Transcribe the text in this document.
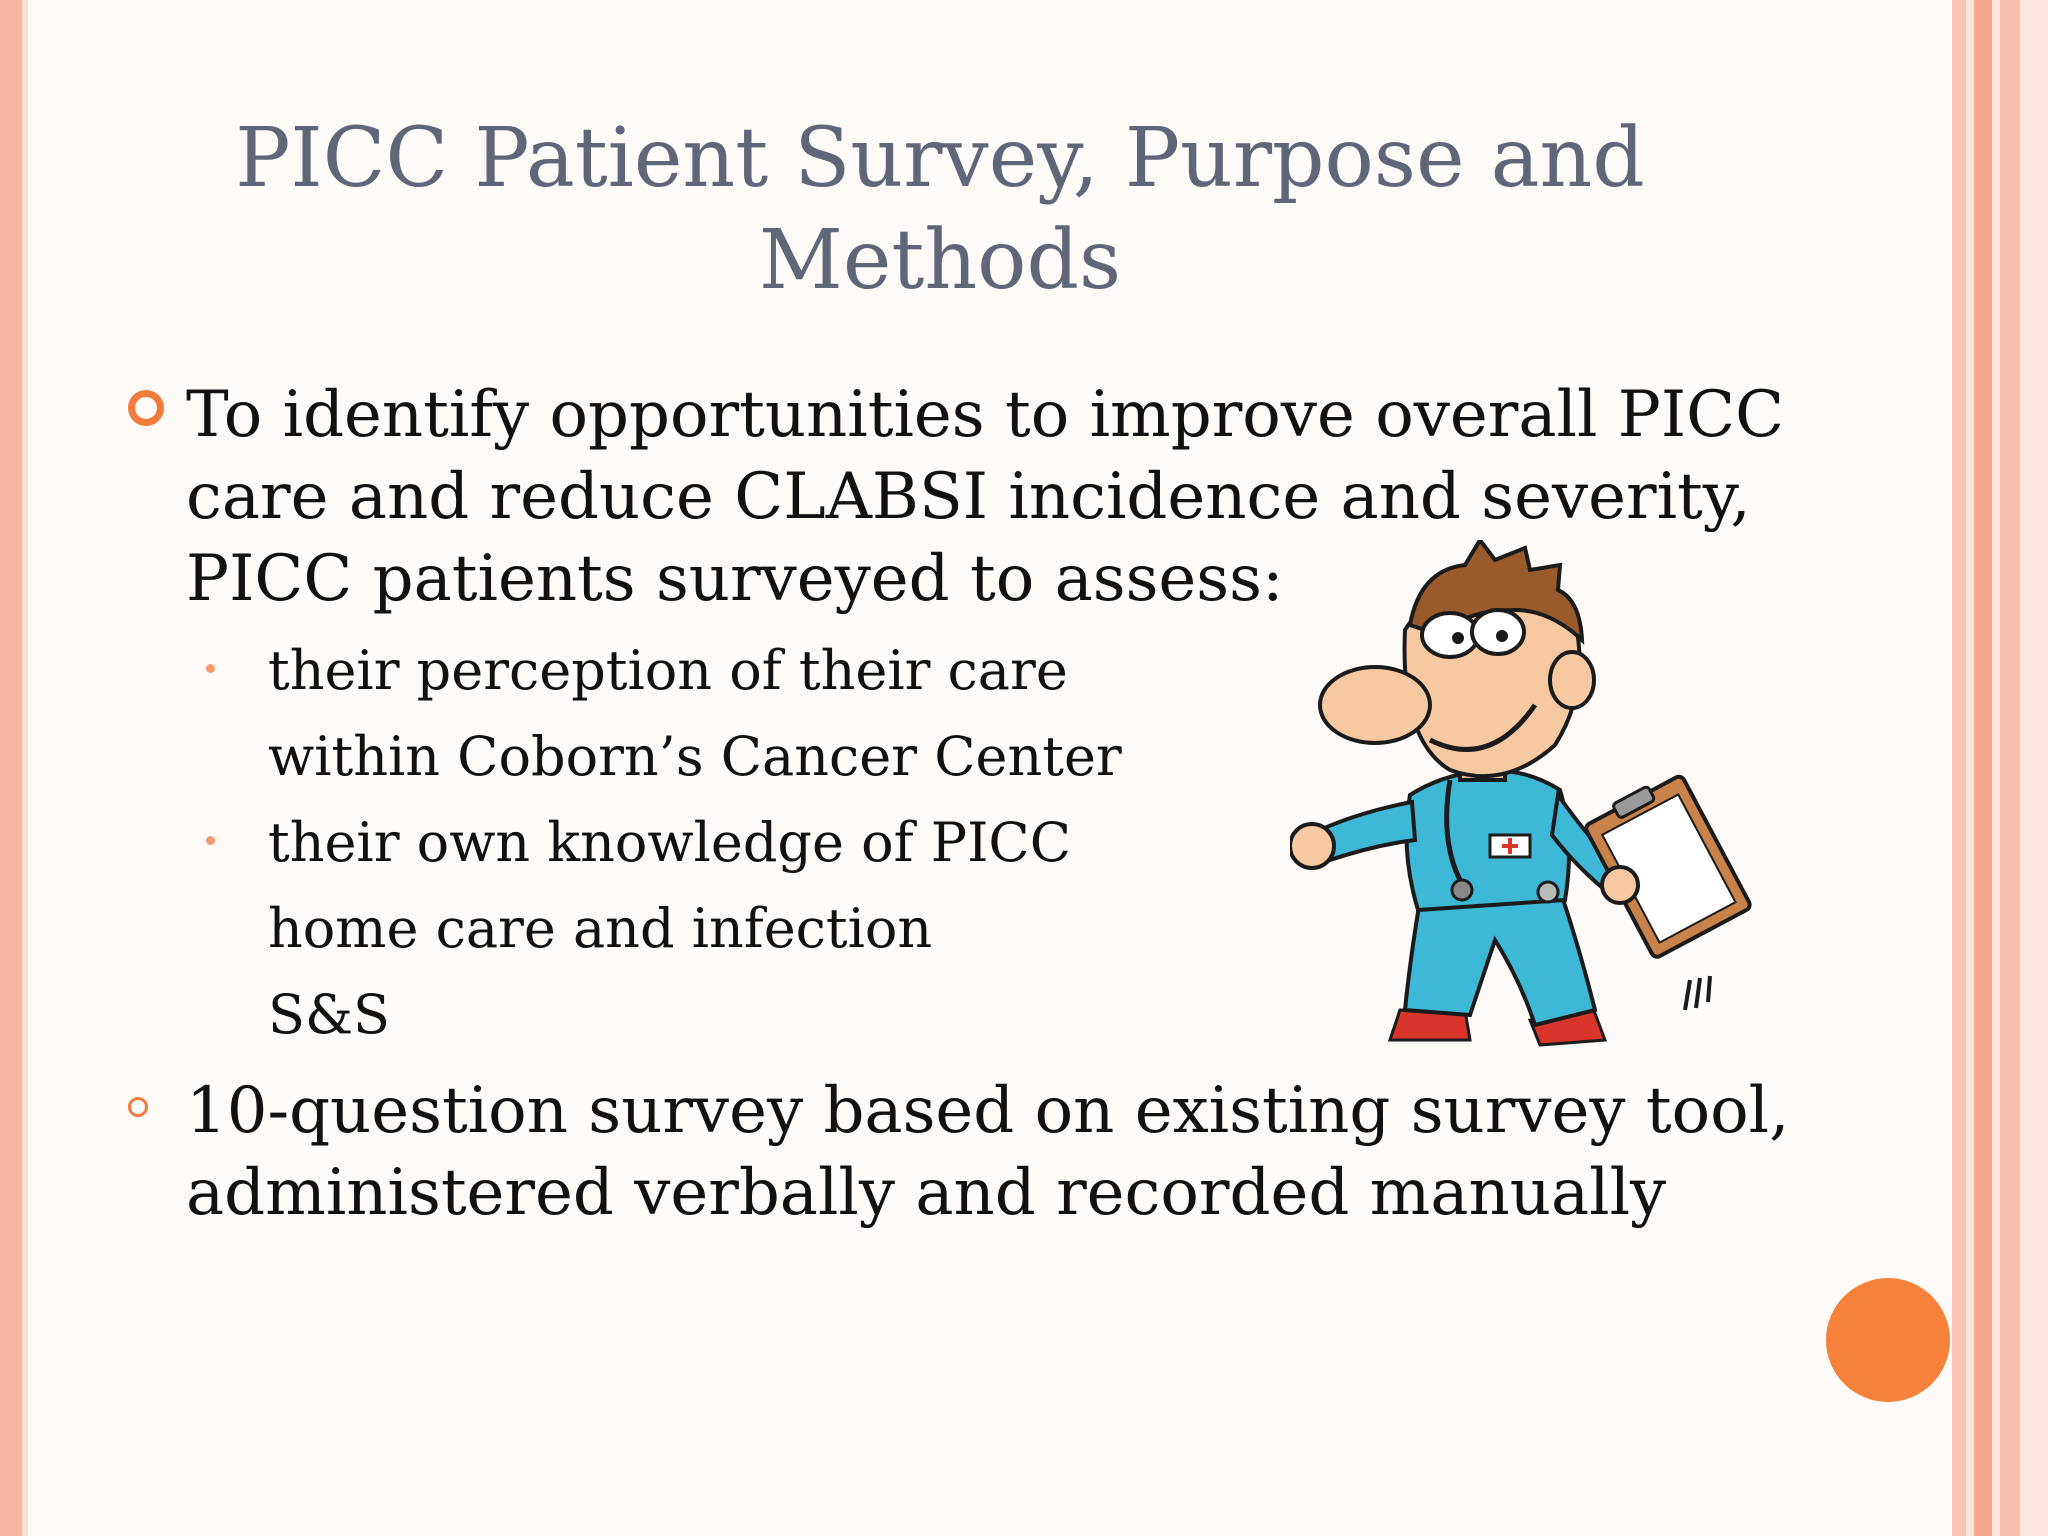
PICC Patient Survey, Purpose and
Methods
To identify opportunities to improve overall PICC
care and reduce CLABSI incidence and severity,
PICC patients surveyed to assess:
their perception of their care
within Coborn’s Cancer Center
their own knowledge of PICC
home care and infection
S&S
10-question survey based on existing survey tool,
administered verbally and recorded manually
